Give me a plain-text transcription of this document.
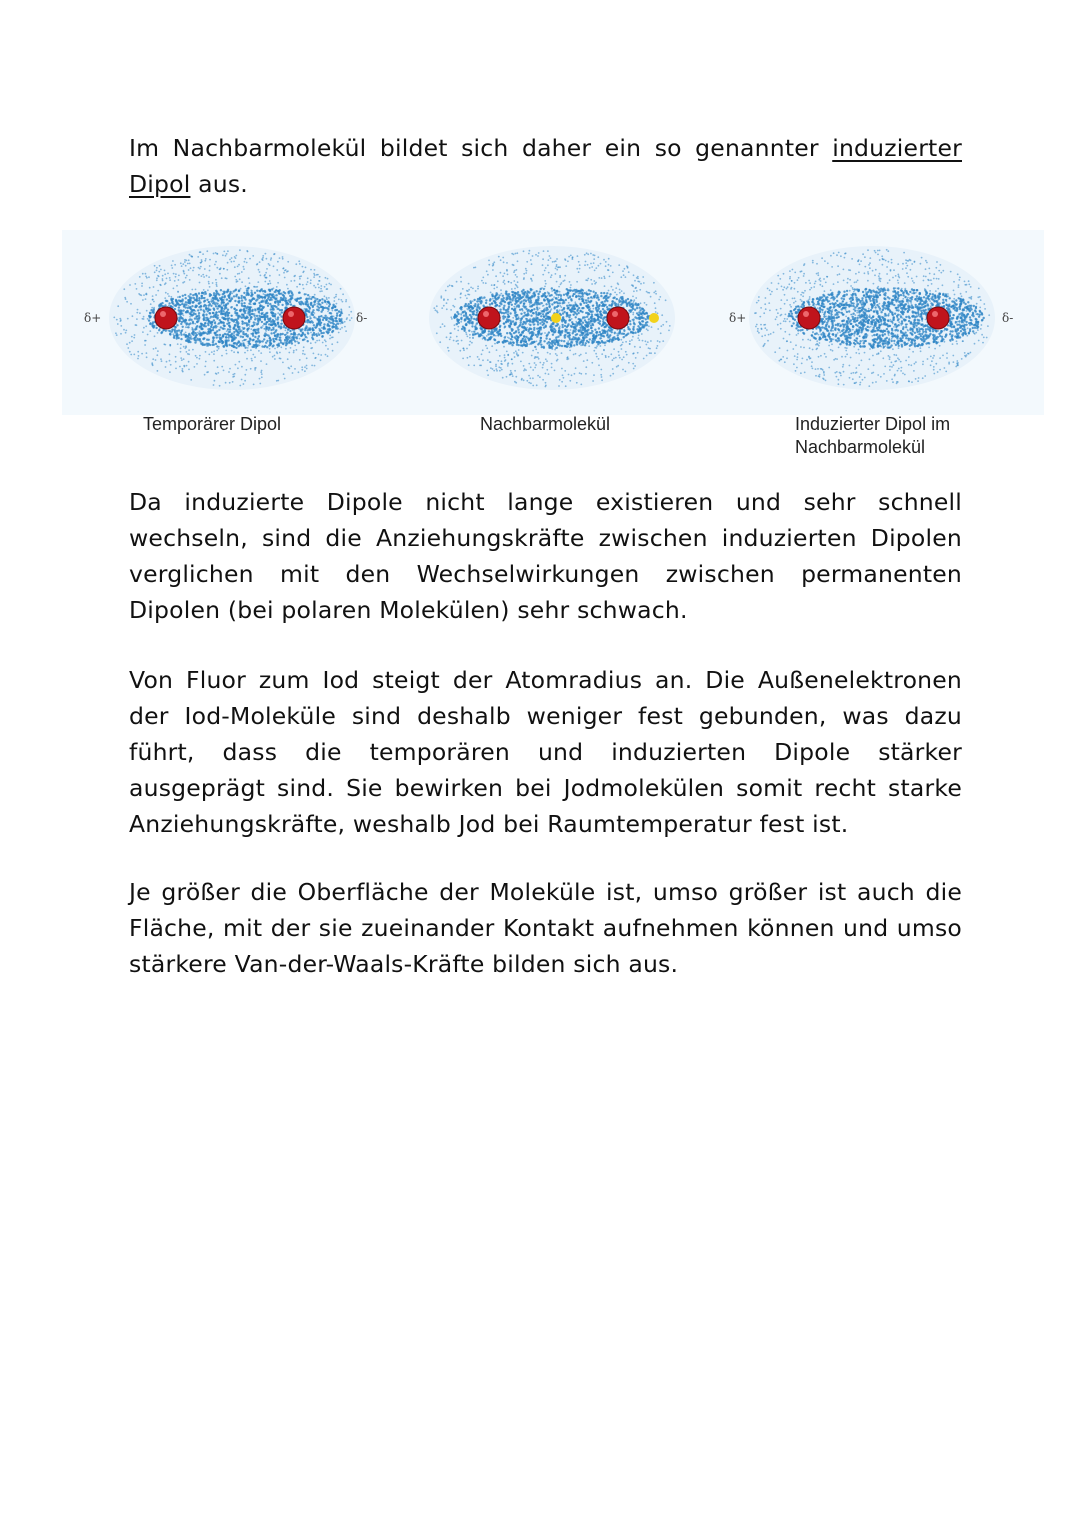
Im Nachbarmolekül bildet sich daher ein so genannter induzierter Dipol aus.

δ+	δ-	δ+	δ-
Temporärer Dipol	Nachbarmolekül	Induzierter Dipol im Nachbarmolekül

Da induzierte Dipole nicht lange existieren und sehr schnell wechseln, sind die Anziehungskräfte zwischen induzierten Dipolen verglichen mit den Wechselwirkungen zwischen permanenten Dipolen (bei polaren Molekülen) sehr schwach.

Von Fluor zum Iod steigt der Atomradius an. Die Außenelektronen der Iod-Moleküle sind deshalb weniger fest gebunden, was dazu führt, dass die temporären und induzierten Dipole stärker ausgeprägt sind. Sie bewirken bei Jodmolekülen somit recht starke Anziehungskräfte, weshalb Jod bei Raumtemperatur fest ist.

Je größer die Oberfläche der Moleküle ist, umso größer ist auch die Fläche, mit der sie zueinander Kontakt aufnehmen können und umso stärkere Van-der-Waals-Kräfte bilden sich aus.
